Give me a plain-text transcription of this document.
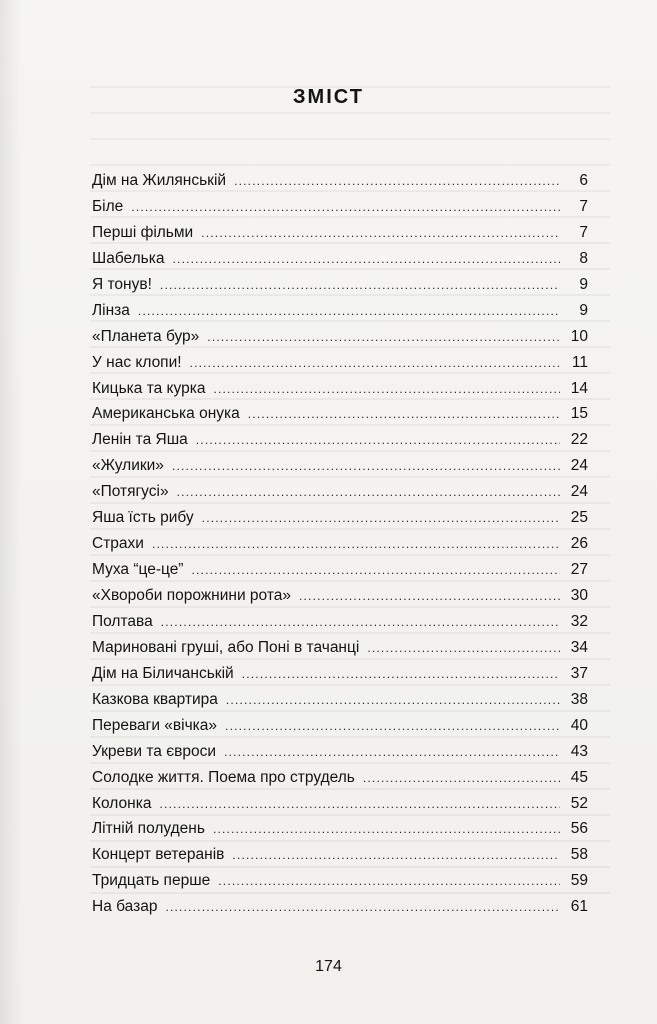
ЗМІСТ
Дім на Жилянській .....	6
Біле .....	7
Перші фільми .....	7
Шабелька .....	8
Я тонув! .....	9
Лінза .....	9
«Планета бур» .....	10
У нас клопи! .....	11
Кицька та курка .....	14
Американська онука .....	15
Ленін та Яша .....	22
«Жулики» .....	24
«Потягусі» .....	24
Яша їсть рибу .....	25
Страхи .....	26
Муха “це-це” .....	27
«Хвороби порожнини рота» .....	30
Полтава .....	32
Мариновані груші, або Поні в тачанці .....	34
Дім на Біличанській .....	37
Казкова квартира .....	38
Переваги «вічка» .....	40
Укреви та євроси .....	43
Солодке життя. Поема про струдель .....	45
Колонка .....	52
Літній полудень .....	56
Концерт ветеранів .....	58
Тридцать перше .....	59
На базар .....	61
174
